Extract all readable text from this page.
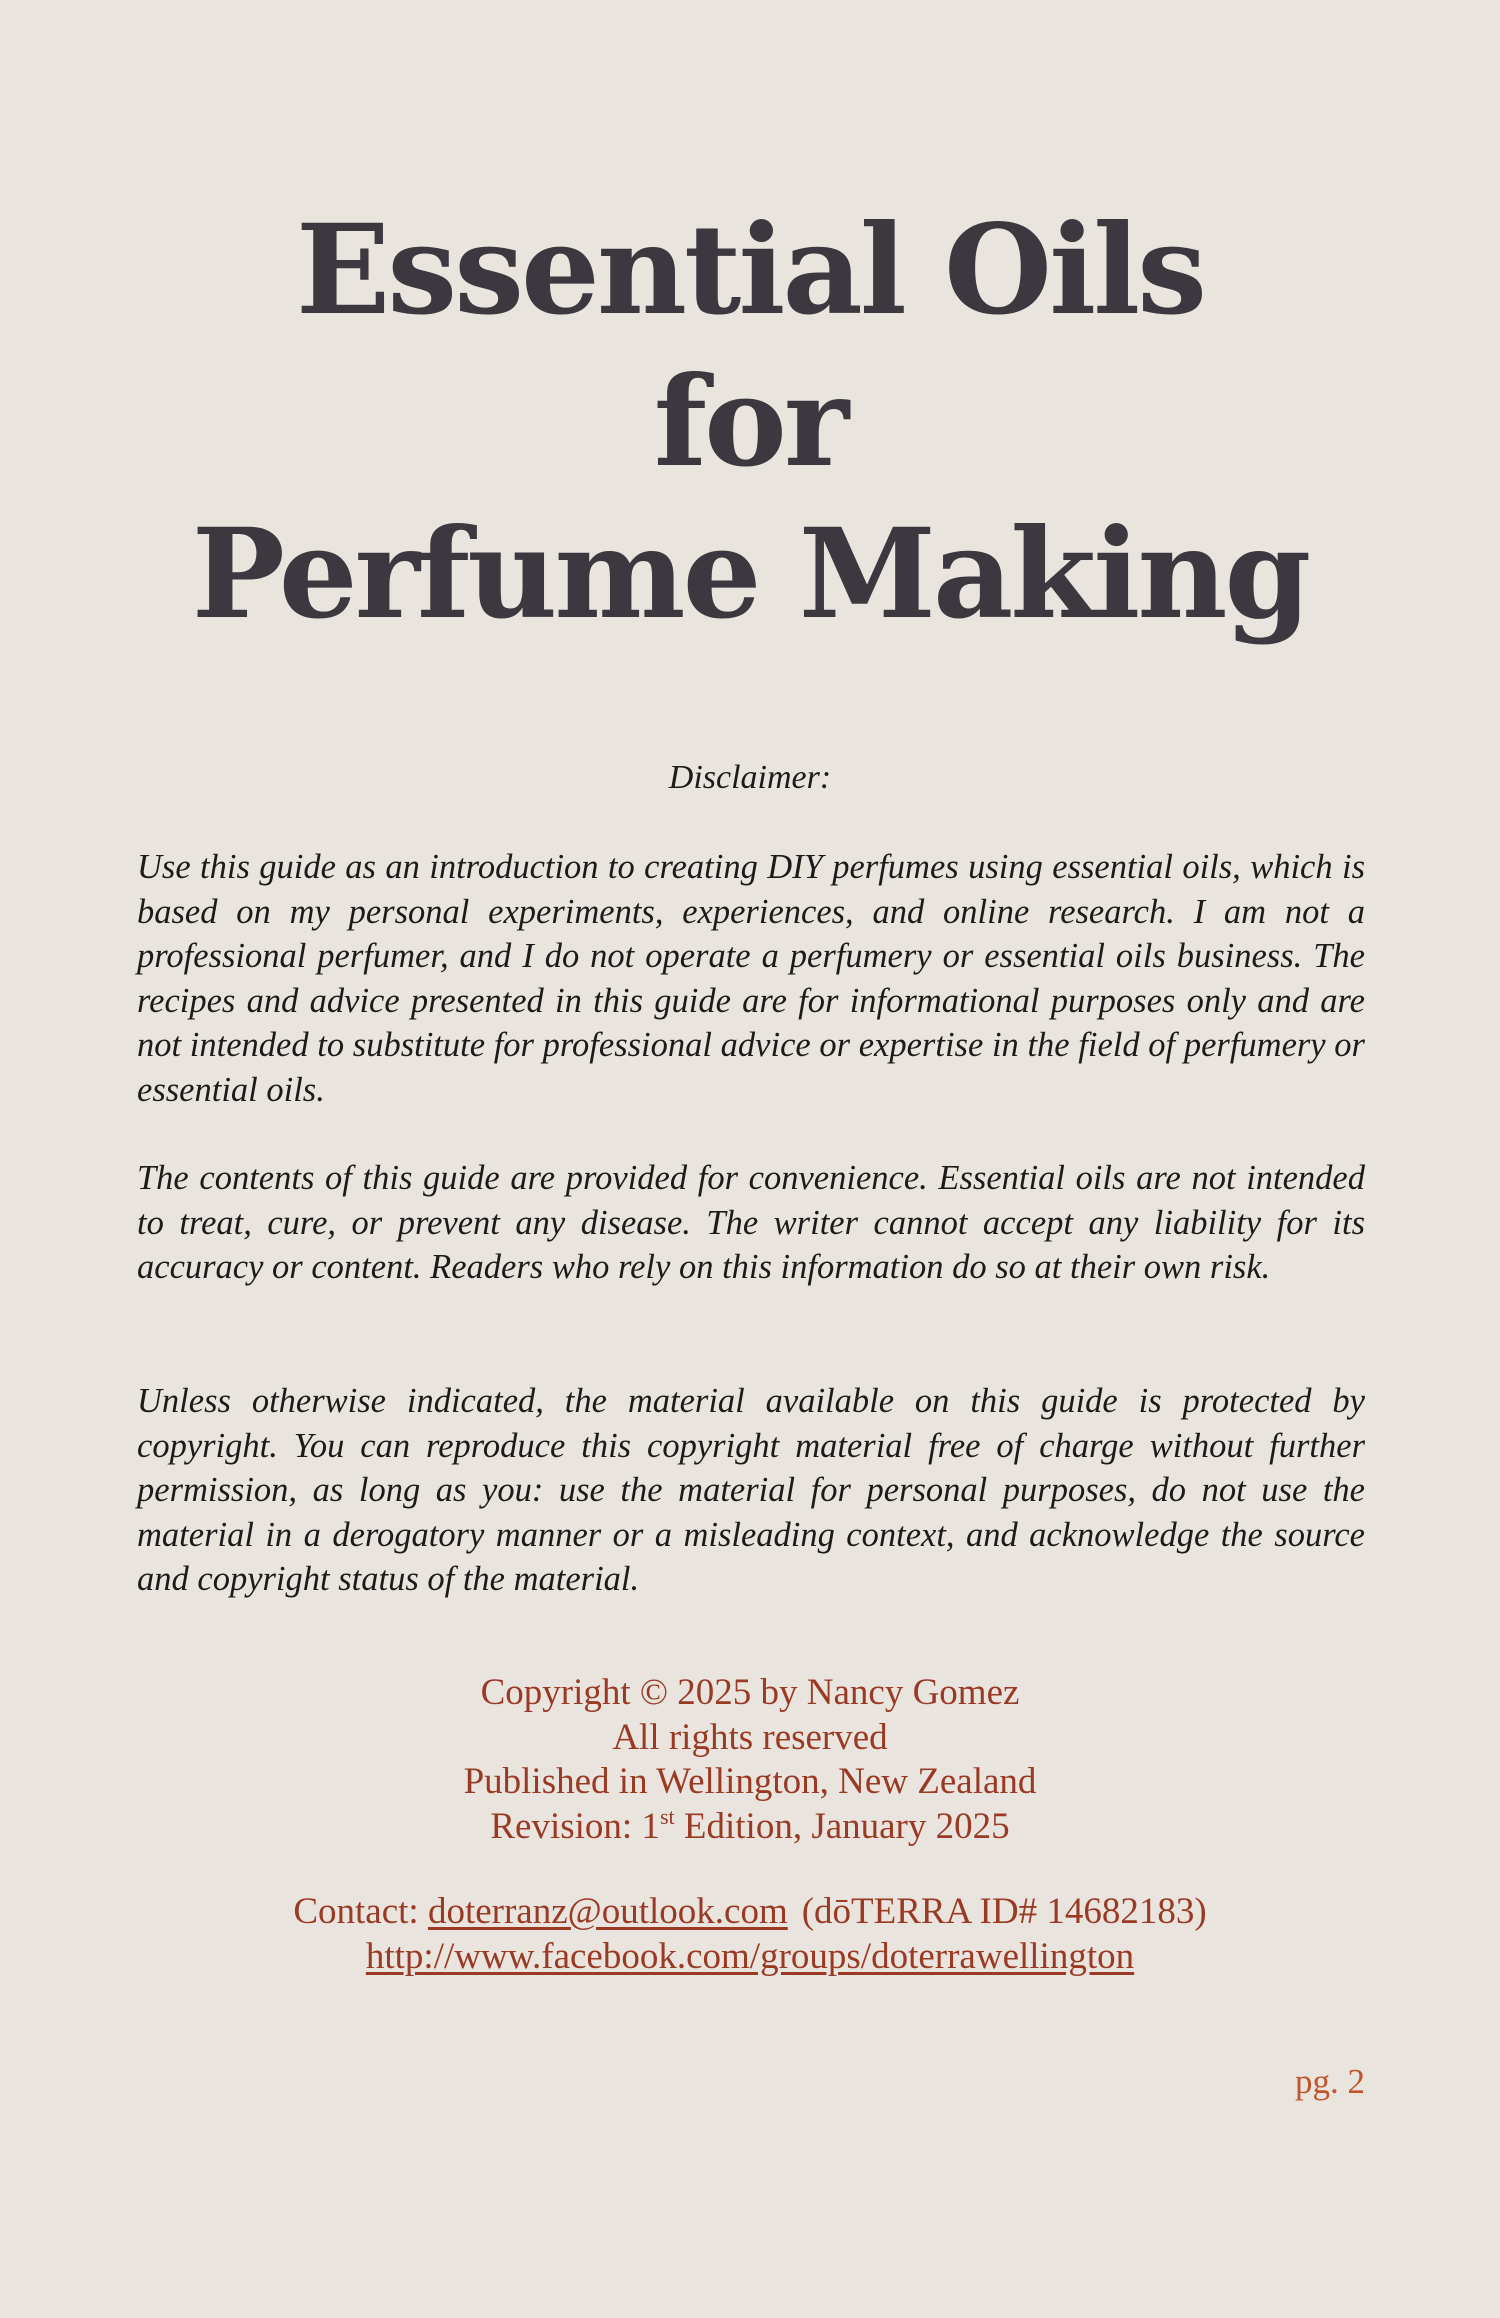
Essential Oils
for
Perfume Making
Disclaimer:

Use this guide as an introduction to creating DIY perfumes using essential oils, which is based on my personal experiments, experiences, and online research. I am not a professional perfumer, and I do not operate a perfumery or essential oils business. The recipes and advice presented in this guide are for informational purposes only and are not intended to substitute for professional advice or expertise in the field of perfumery or essential oils.

The contents of this guide are provided for convenience. Essential oils are not intended to treat, cure, or prevent any disease. The writer cannot accept any liability for its accuracy or content. Readers who rely on this information do so at their own risk.

Unless otherwise indicated, the material available on this guide is protected by copyright. You can reproduce this copyright material free of charge without further permission, as long as you: use the material for personal purposes, do not use the material in a derogatory manner or a misleading context, and acknowledge the source and copyright status of the material.

Copyright © 2025 by Nancy Gomez
All rights reserved
Published in Wellington, New Zealand
Revision: 1st Edition, January 2025
Contact: doterranz@outlook.com (dōTERRA ID# 14682183)
http://www.facebook.com/groups/doterrawellington
pg. 2
